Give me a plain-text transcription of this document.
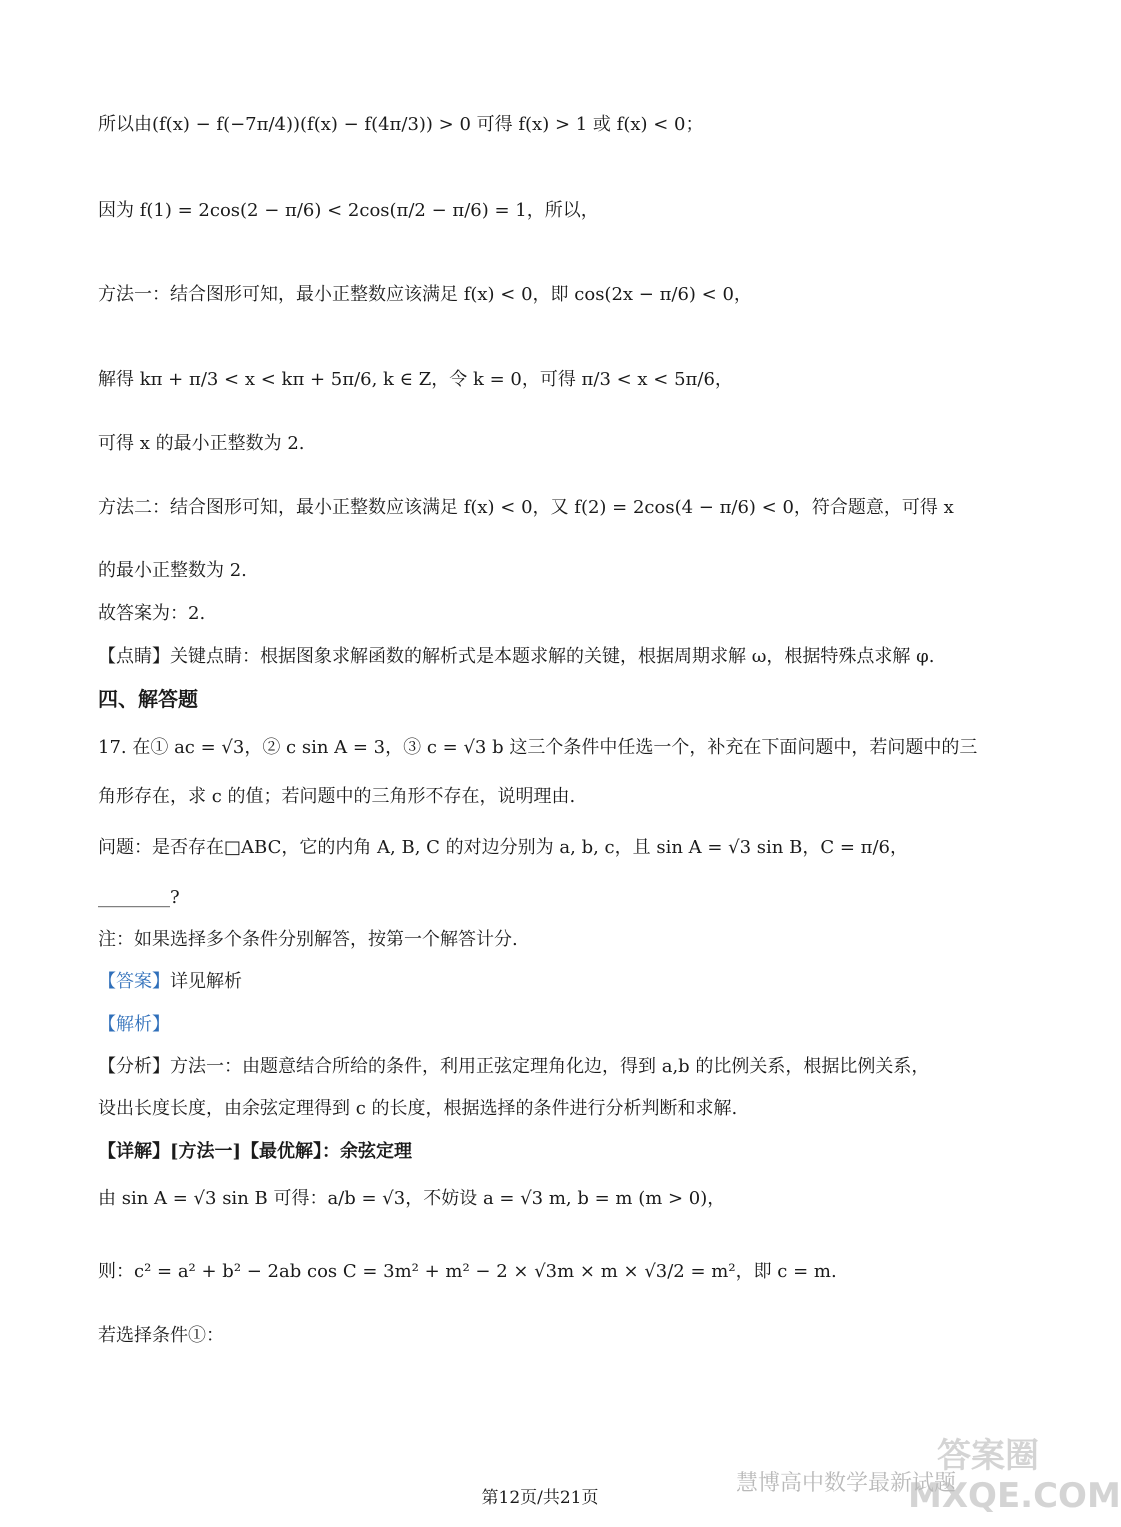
所以由(f(x) − f(−7π/4))(f(x) − f(4π/3)) > 0 可得 f(x) > 1 或 f(x) < 0；
因为 f(1) = 2cos(2 − π/6) < 2cos(π/2 − π/6) = 1，所以，
方法一：结合图形可知，最小正整数应该满足 f(x) < 0，即 cos(2x − π/6) < 0，
解得 kπ + π/3 < x < kπ + 5π/6, k ∈ Z，令 k = 0，可得 π/3 < x < 5π/6，
可得 x 的最小正整数为 2.
方法二：结合图形可知，最小正整数应该满足 f(x) < 0，又 f(2) = 2cos(4 − π/6) < 0，符合题意，可得 x
的最小正整数为 2.
故答案为：2.
【点睛】关键点睛：根据图象求解函数的解析式是本题求解的关键，根据周期求解 ω，根据特殊点求解 φ.
四、解答题
17. 在① ac = √3，② c sin A = 3，③ c = √3 b 这三个条件中任选一个，补充在下面问题中，若问题中的三
角形存在，求 c 的值；若问题中的三角形不存在，说明理由.
问题：是否存在□ABC，它的内角 A, B, C 的对边分别为 a, b, c，且 sin A = √3 sin B，C = π/6，
________?
注：如果选择多个条件分别解答，按第一个解答计分.
【答案】详见解析
【解析】
【分析】方法一：由题意结合所给的条件，利用正弦定理角化边，得到 a,b 的比例关系，根据比例关系，
设出长度长度，由余弦定理得到 c 的长度，根据选择的条件进行分析判断和求解.
【详解】[方法一]【最优解】：余弦定理
由 sin A = √3 sin B 可得：a/b = √3，不妨设 a = √3 m, b = m (m > 0)，
则：c² = a² + b² − 2ab cos C = 3m² + m² − 2 × √3m × m × √3/2 = m²，即 c = m.
若选择条件①：
答案圈 MXQE.COM
慧博高中数学最新试题
第12页/共21页
